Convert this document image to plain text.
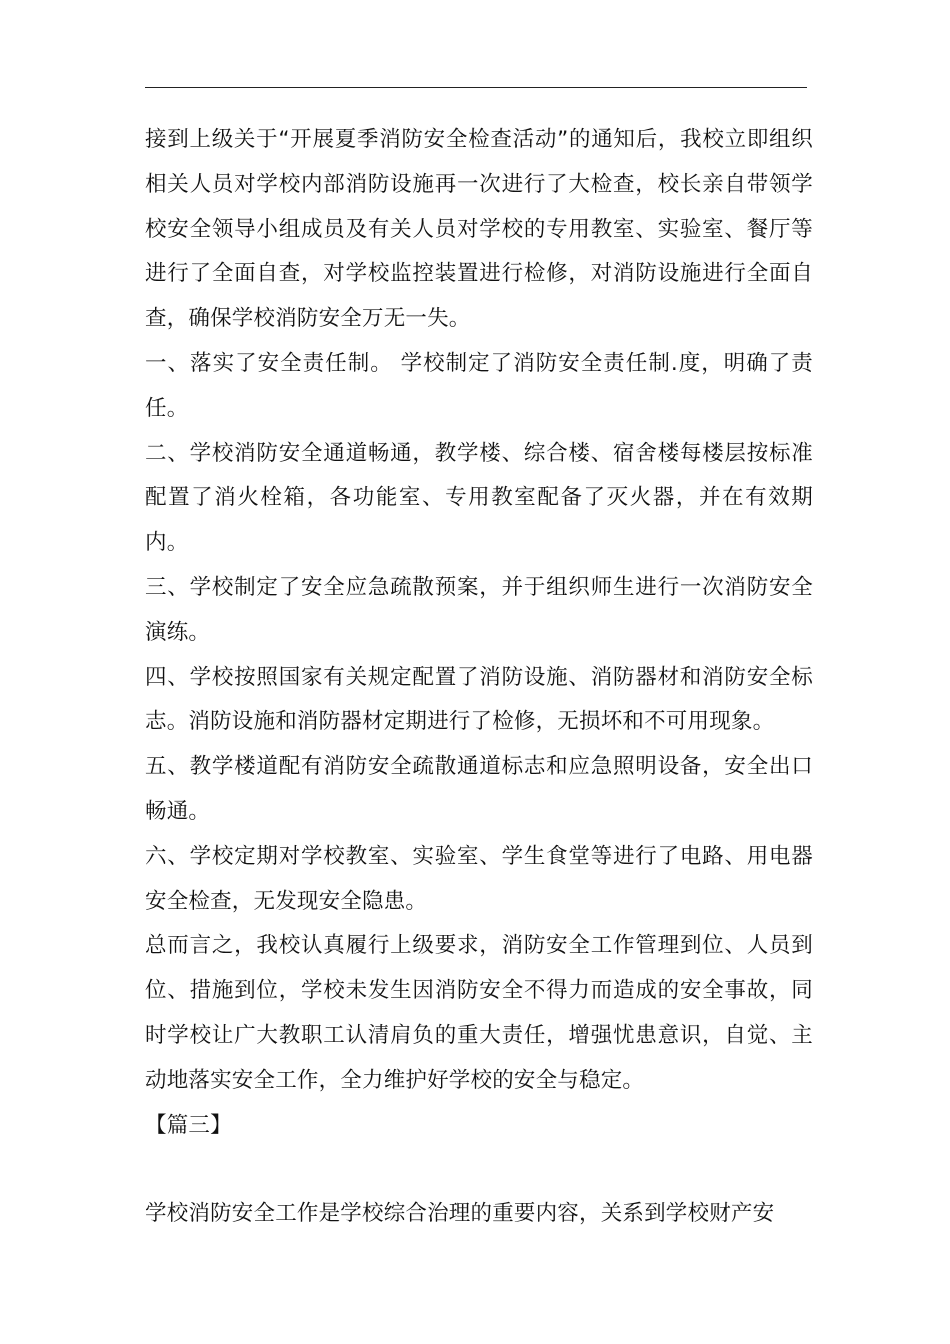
接到上级关于“开展夏季消防安全检查活动”的通知后，我校立即组织相关人员对学校内部消防设施再一次进行了大检查，校长亲自带领学校安全领导小组成员及有关人员对学校的专用教室、实验室、餐厅等进行了全面自查，对学校监控装置进行检修，对消防设施进行全面自查，确保学校消防安全万无一失。

一、落实了安全责任制。 学校制定了消防安全责任制.度，明确了责任。

二、学校消防安全通道畅通，教学楼、综合楼、宿舍楼每楼层按标准配置了消火栓箱，各功能室、专用教室配备了灭火器，并在有效期内。

三、学校制定了安全应急疏散预案，并于组织师生进行一次消防安全演练。

四、学校按照国家有关规定配置了消防设施、消防器材和消防安全标志。消防设施和消防器材定期进行了检修，无损坏和不可用现象。

五、教学楼道配有消防安全疏散通道标志和应急照明设备，安全出口畅通。

六、学校定期对学校教室、实验室、学生食堂等进行了电路、用电器安全检查，无发现安全隐患。

总而言之，我校认真履行上级要求，消防安全工作管理到位、人员到位、措施到位，学校未发生因消防安全不得力而造成的安全事故，同时学校让广大教职工认清肩负的重大责任，增强忧患意识，自觉、主动地落实安全工作，全力维护好学校的安全与稳定。

【篇三】

学校消防安全工作是学校综合治理的重要内容，关系到学校财产安
